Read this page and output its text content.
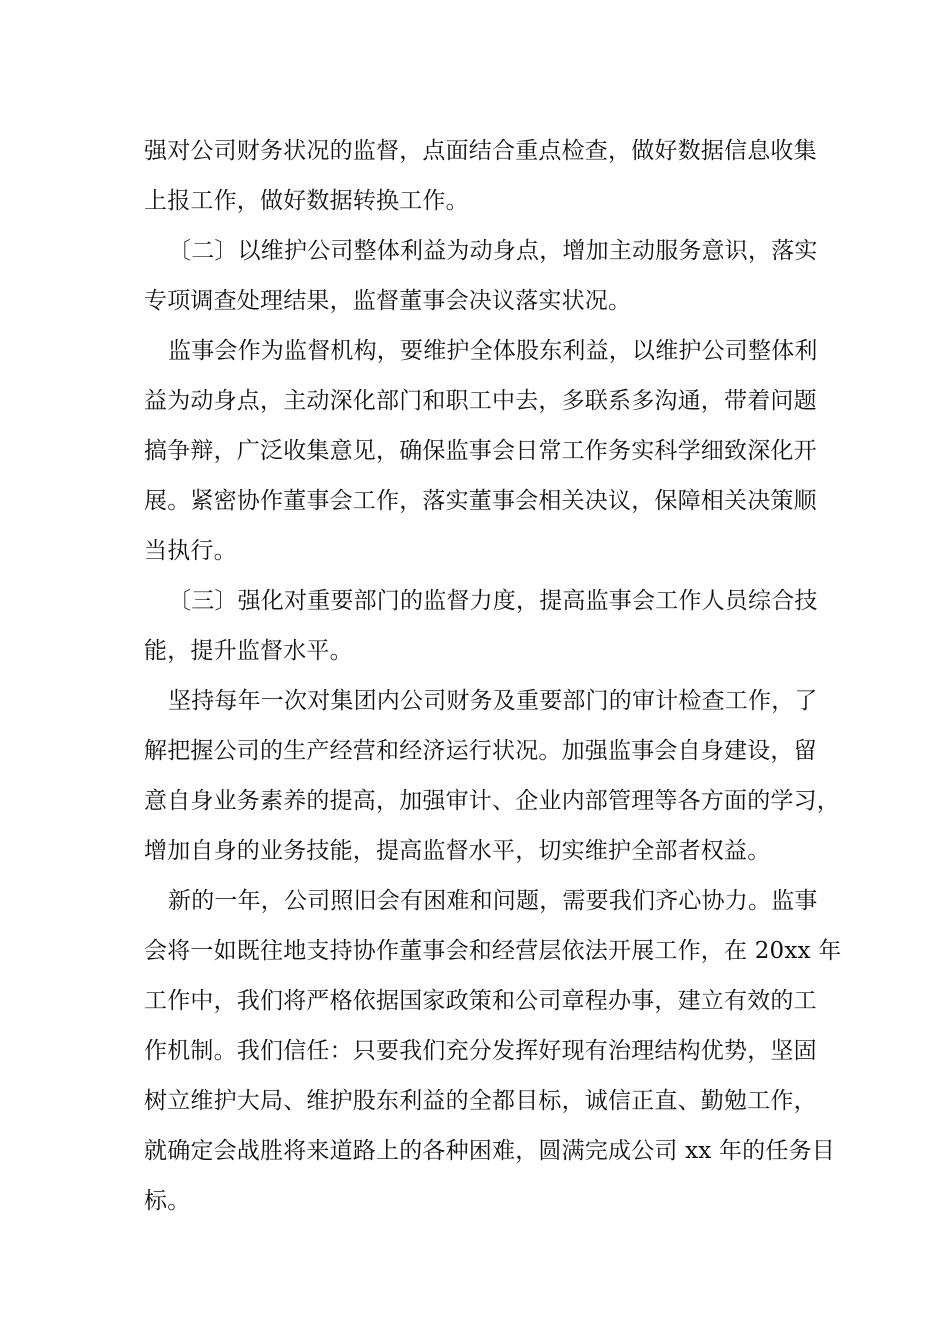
强对公司财务状况的监督，点面结合重点检查，做好数据信息收集
上报工作，做好数据转换工作。
〔二〕以维护公司整体利益为动身点，增加主动服务意识，落实
专项调查处理结果，监督董事会决议落实状况。
监事会作为监督机构，要维护全体股东利益，以维护公司整体利
益为动身点，主动深化部门和职工中去，多联系多沟通，带着问题
搞争辩，广泛收集意见，确保监事会日常工作务实科学细致深化开
展。紧密协作董事会工作，落实董事会相关决议，保障相关决策顺
当执行。
〔三〕强化对重要部门的监督力度，提高监事会工作人员综合技
能，提升监督水平。
坚持每年一次对集团内公司财务及重要部门的审计检查工作，了
解把握公司的生产经营和经济运行状况。加强监事会自身建设，留
意自身业务素养的提高，加强审计、企业内部管理等各方面的学习，
增加自身的业务技能，提高监督水平，切实维护全部者权益。
新的一年，公司照旧会有困难和问题，需要我们齐心协力。监事
会将一如既往地支持协作董事会和经营层依法开展工作，在 20xx 年
工作中，我们将严格依据国家政策和公司章程办事，建立有效的工
作机制。我们信任：只要我们充分发挥好现有治理结构优势，坚固
树立维护大局、维护股东利益的全都目标，诚信正直、勤勉工作，
就确定会战胜将来道路上的各种困难，圆满完成公司 xx 年的任务目
标。
